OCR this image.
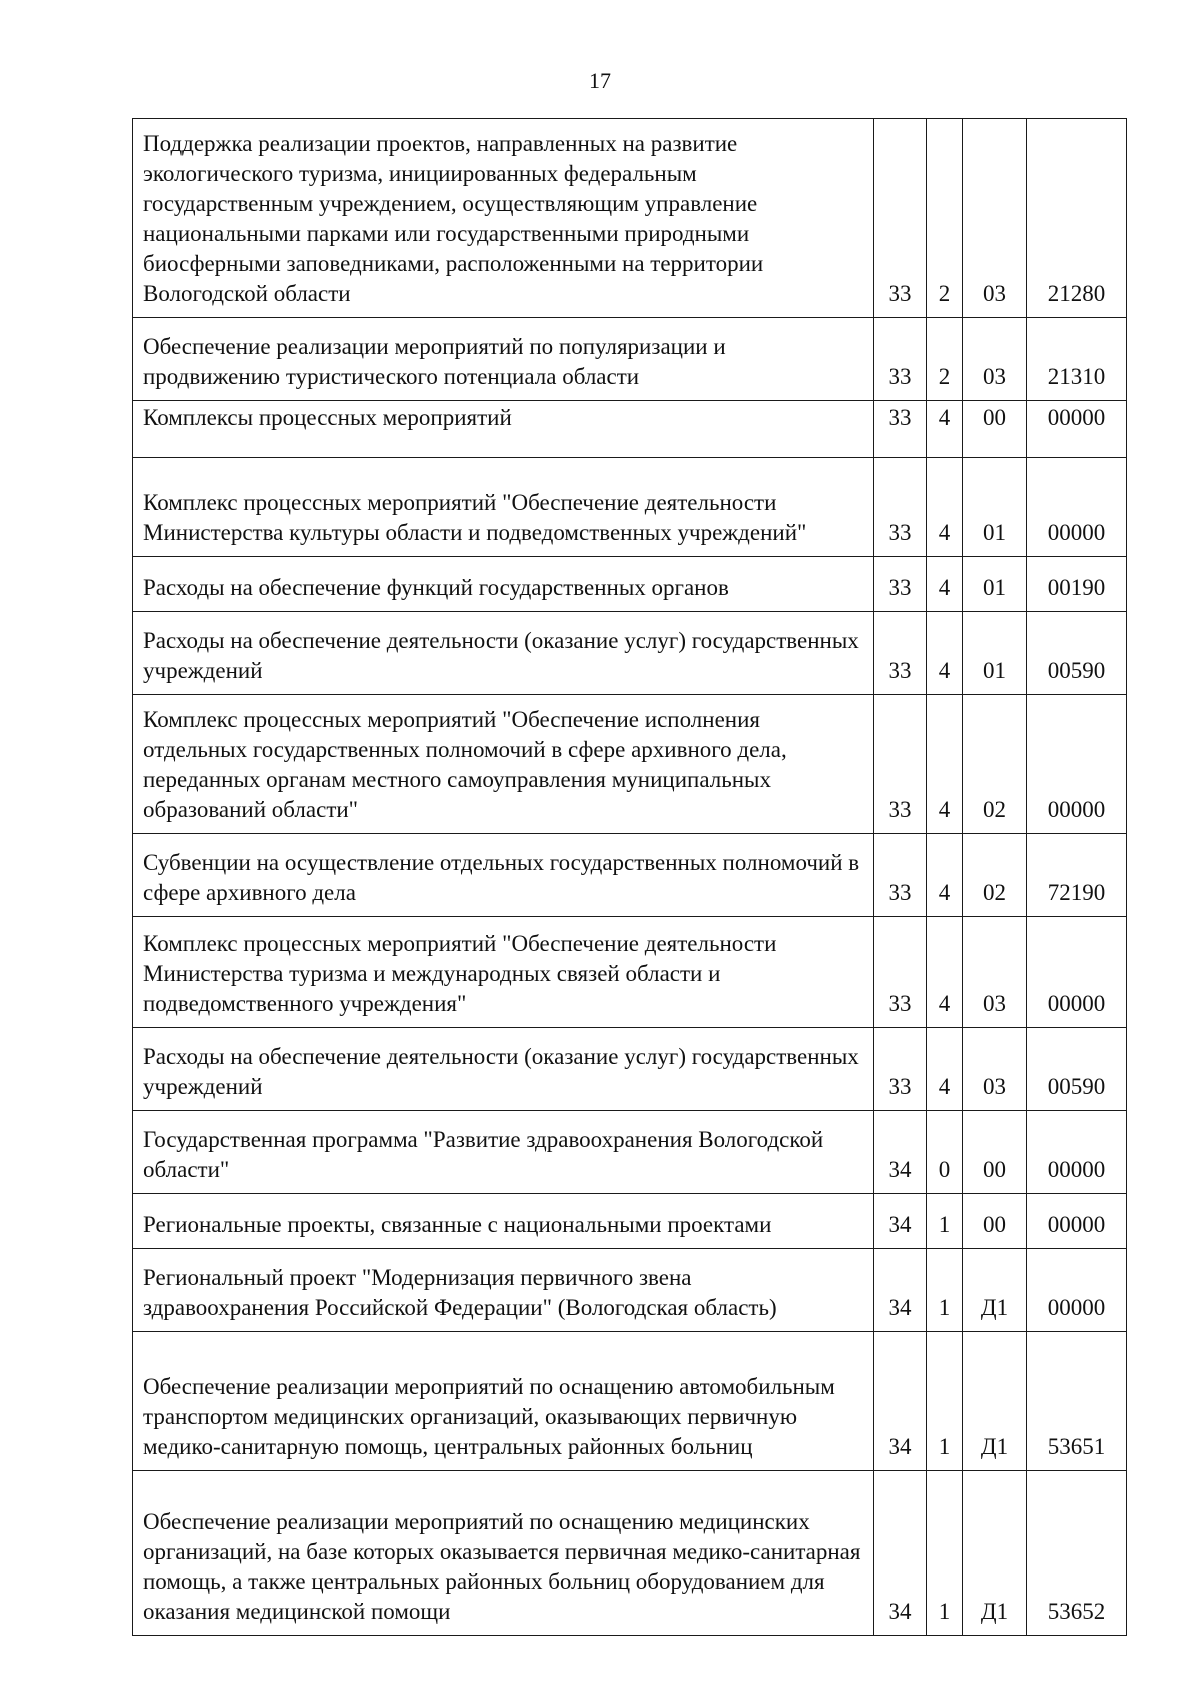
17
Поддержка реализации проектов, направленных на развитие экологического туризма, инициированных федеральным государственным учреждением, осуществляющим управление национальными парками или государственными природными биосферными заповедниками, расположенными на территории Вологодской области	33	2	03	21280
Обеспечение реализации мероприятий по популяризации и продвижению туристического потенциала области	33	2	03	21310
Комплексы процессных мероприятий	33	4	00	00000
Комплекс процессных мероприятий "Обеспечение деятельности Министерства культуры области и подведомственных учреждений"	33	4	01	00000
Расходы на обеспечение функций государственных органов	33	4	01	00190
Расходы на обеспечение деятельности (оказание услуг) государственных учреждений	33	4	01	00590
Комплекс процессных мероприятий "Обеспечение исполнения отдельных государственных полномочий в сфере архивного дела, переданных органам местного самоуправления муниципальных образований области"	33	4	02	00000
Субвенции на осуществление отдельных государственных полномочий в сфере архивного дела	33	4	02	72190
Комплекс процессных мероприятий "Обеспечение деятельности Министерства туризма и международных связей области и подведомственного учреждения"	33	4	03	00000
Расходы на обеспечение деятельности (оказание услуг) государственных учреждений	33	4	03	00590
Государственная программа "Развитие здравоохранения Вологодской области"	34	0	00	00000
Региональные проекты, связанные с национальными проектами	34	1	00	00000
Региональный проект "Модернизация первичного звена здравоохранения Российской Федерации" (Вологодская область)	34	1	Д1	00000
Обеспечение реализации мероприятий по оснащению автомобильным транспортом медицинских организаций, оказывающих первичную медико-санитарную помощь, центральных районных больниц	34	1	Д1	53651
Обеспечение реализации мероприятий по оснащению медицинских организаций, на базе которых оказывается первичная медико-санитарная помощь, а также центральных районных больниц оборудованием для оказания медицинской помощи	34	1	Д1	53652
